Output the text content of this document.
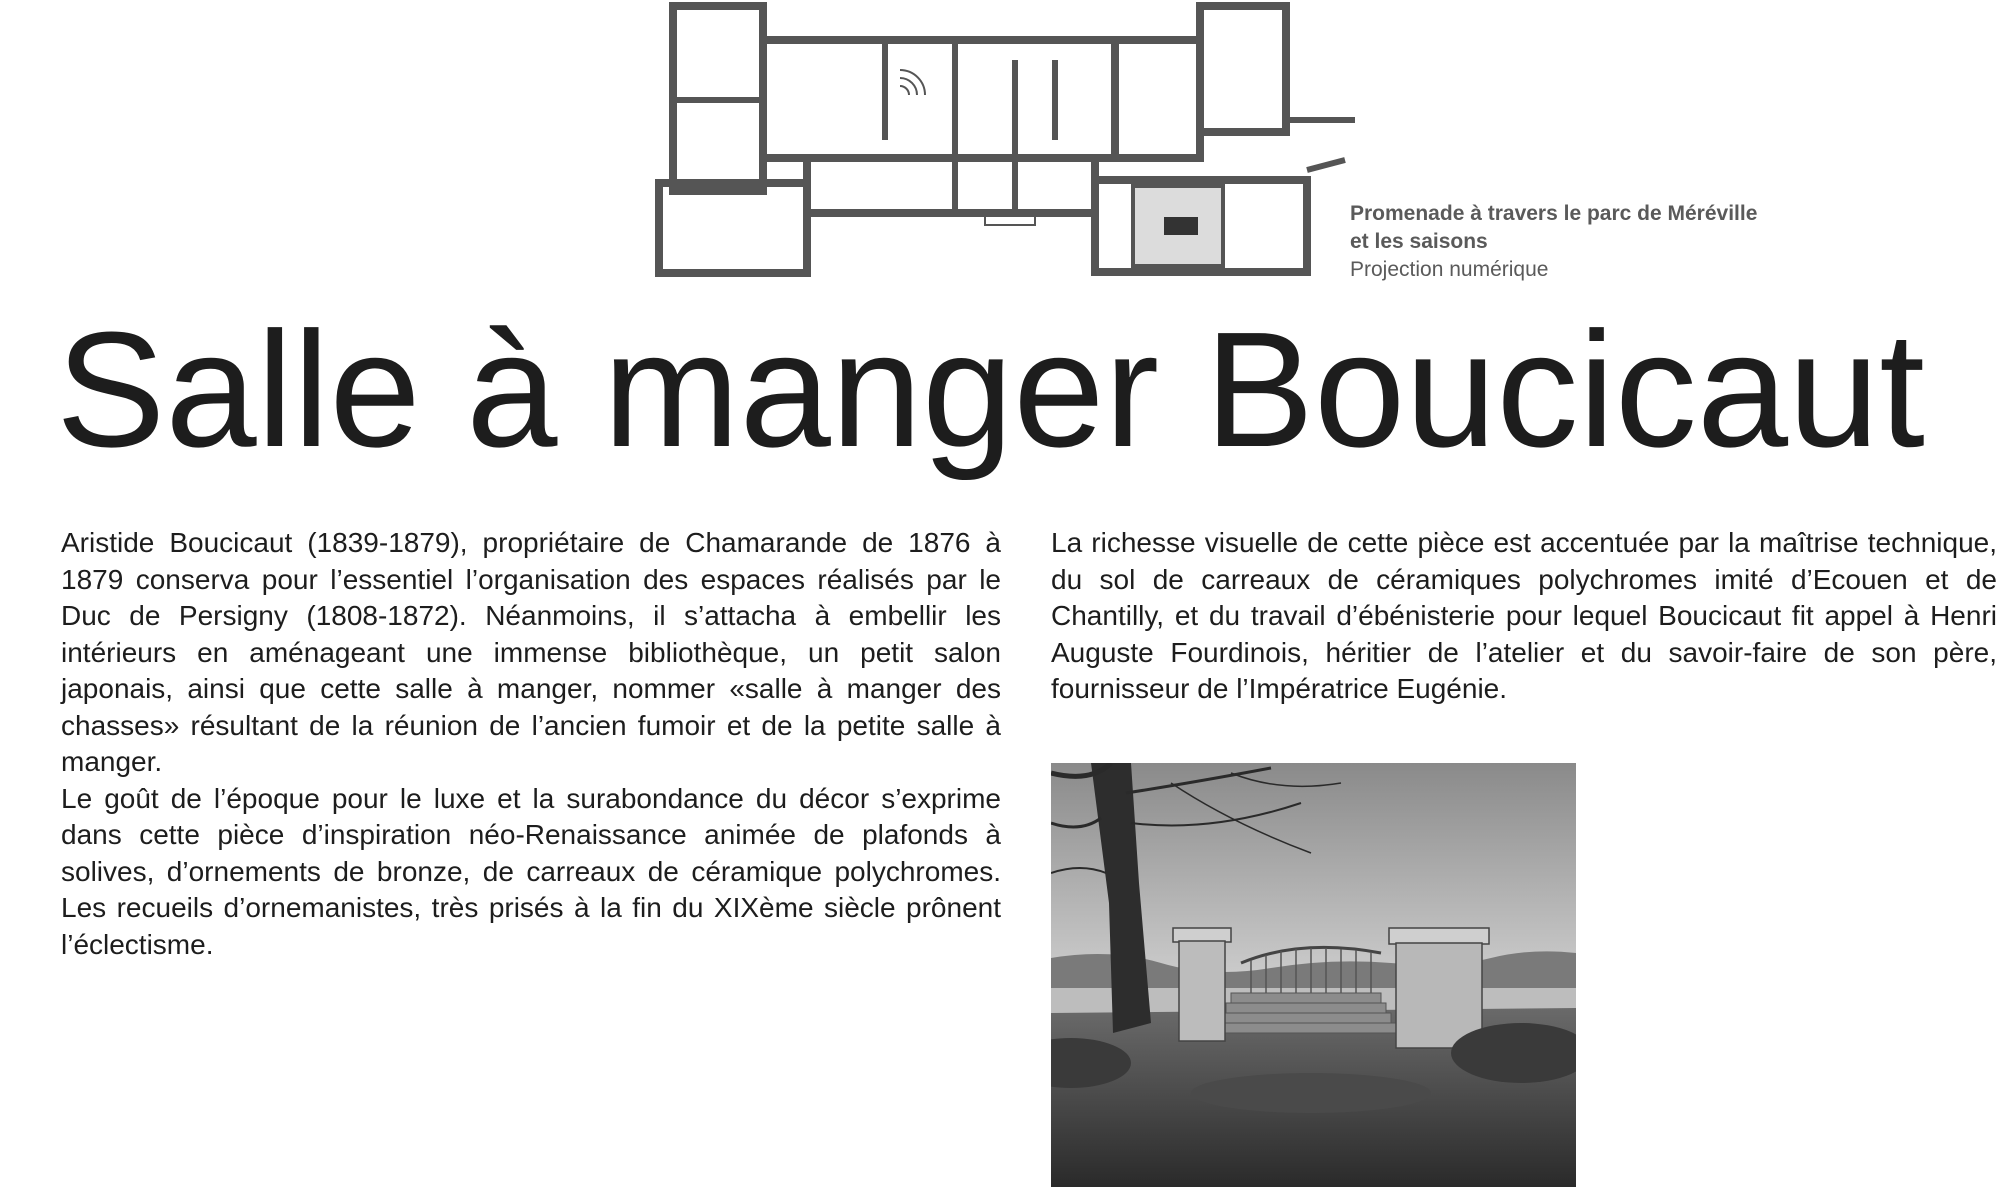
Promenade à travers le parc de Méréville
et les saisons
Projection numérique
Salle à manger Boucicaut

Aristide Boucicaut (1839-1879), propriétaire de Chamarande de 1876 à 1879 conserva pour l’essentiel l’organisation des espaces réalisés par le Duc de Persigny (1808-1872). Néanmoins, il s’attacha à embellir les intérieurs en aménageant une immense bibliothèque, un petit salon japonais, ainsi que cette salle à manger, nommer «salle à manger des chasses» résultant de la réunion de l’ancien fumoir et de la petite salle à manger.

Le goût de l’époque pour le luxe et la surabondance du décor s’exprime dans cette pièce d’inspiration néo-Renaissance animée de plafonds à solives, d’ornements de bronze, de carreaux de céramique polychromes. Les recueils d’ornemanistes, très prisés à la fin du XIXème siècle prônent l’éclectisme.

La richesse visuelle de cette pièce est accentuée par la maîtrise technique, du sol de carreaux de céramiques polychromes imité d’Ecouen et de Chantilly, et du travail d’ébénisterie pour lequel Boucicaut fit appel à Henri Auguste Fourdinois, héritier de l’atelier et du savoir-faire de son père, fournisseur de l’Impératrice Eugénie.
